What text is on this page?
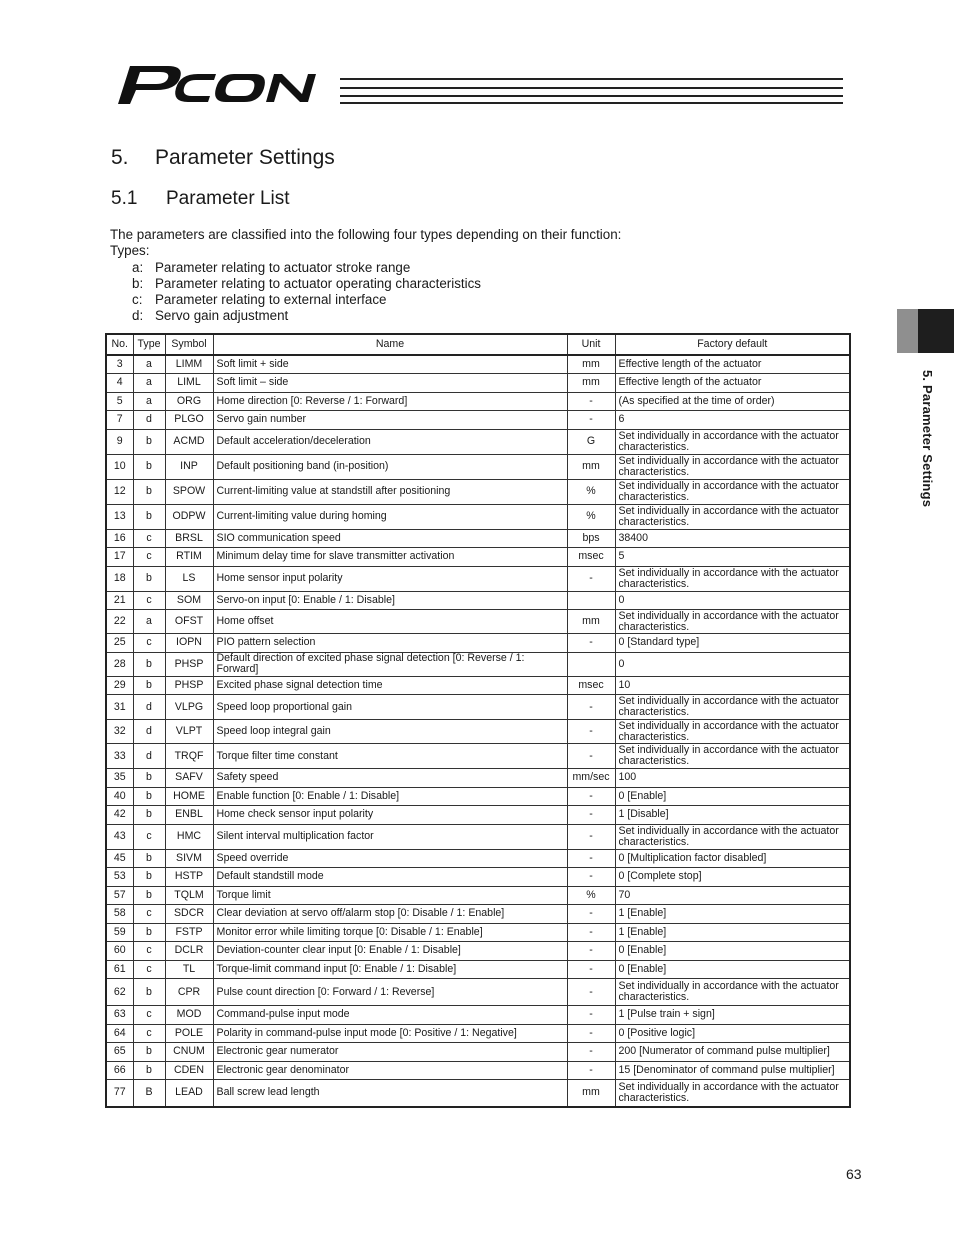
5. Parameter Settings
5.1 Parameter List
The parameters are classified into the following four types depending on their function:
Types:
a: Parameter relating to actuator stroke range
b: Parameter relating to actuator operating characteristics
c: Parameter relating to external interface
d: Servo gain adjustment
No.	Type	Symbol	Name	Unit	Factory default
3	a	LIMM	Soft limit + side	mm	Effective length of the actuator
4	a	LIML	Soft limit – side	mm	Effective length of the actuator
5	a	ORG	Home direction [0: Reverse / 1: Forward]	-	(As specified at the time of order)
7	d	PLGO	Servo gain number	-	6
9	b	ACMD	Default acceleration/deceleration	G	Set individually in accordance with the actuator characteristics.
10	b	INP	Default positioning band (in-position)	mm	Set individually in accordance with the actuator characteristics.
12	b	SPOW	Current-limiting value at standstill after positioning	%	Set individually in accordance with the actuator characteristics.
13	b	ODPW	Current-limiting value during homing	%	Set individually in accordance with the actuator characteristics.
16	c	BRSL	SIO communication speed	bps	38400
17	c	RTIM	Minimum delay time for slave transmitter activation	msec	5
18	b	LS	Home sensor input polarity	-	Set individually in accordance with the actuator characteristics.
21	c	SOM	Servo-on input [0: Enable / 1: Disable]		0
22	a	OFST	Home offset	mm	Set individually in accordance with the actuator characteristics.
25	c	IOPN	PIO pattern selection	-	0 [Standard type]
28	b	PHSP	Default direction of excited phase signal detection [0: Reverse / 1: Forward]		0
29	b	PHSP	Excited phase signal detection time	msec	10
31	d	VLPG	Speed loop proportional gain	-	Set individually in accordance with the actuator characteristics.
32	d	VLPT	Speed loop integral gain	-	Set individually in accordance with the actuator characteristics.
33	d	TRQF	Torque filter time constant	-	Set individually in accordance with the actuator characteristics.
35	b	SAFV	Safety speed	mm/sec	100
40	b	HOME	Enable function [0: Enable / 1: Disable]	-	0 [Enable]
42	b	ENBL	Home check sensor input polarity	-	1 [Disable]
43	c	HMC	Silent interval multiplication factor	-	Set individually in accordance with the actuator characteristics.
45	b	SIVM	Speed override	-	0 [Multiplication factor disabled]
53	b	HSTP	Default standstill mode	-	0 [Complete stop]
57	b	TQLM	Torque limit	%	70
58	c	SDCR	Clear deviation at servo off/alarm stop [0: Disable / 1: Enable]	-	1 [Enable]
59	b	FSTP	Monitor error while limiting torque [0: Disable / 1: Enable]	-	1 [Enable]
60	c	DCLR	Deviation-counter clear input [0: Enable / 1: Disable]	-	0 [Enable]
61	c	TL	Torque-limit command input [0: Enable / 1: Disable]	-	0 [Enable]
62	b	CPR	Pulse count direction [0: Forward / 1: Reverse]	-	Set individually in accordance with the actuator characteristics.
63	c	MOD	Command-pulse input mode	-	1 [Pulse train + sign]
64	c	POLE	Polarity in command-pulse input mode [0: Positive / 1: Negative]	-	0 [Positive logic]
65	b	CNUM	Electronic gear numerator	-	200 [Numerator of command pulse multiplier]
66	b	CDEN	Electronic gear denominator	-	15 [Denominator of command pulse multiplier]
77	B	LEAD	Ball screw lead length	mm	Set individually in accordance with the actuator characteristics.
5. Parameter Settings
63
